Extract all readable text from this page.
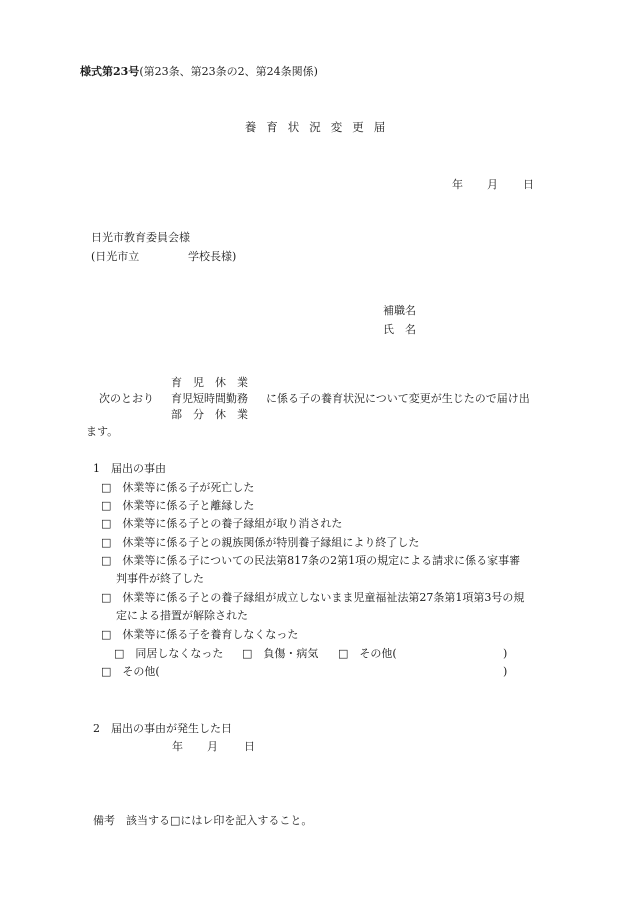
様式第23号(第23条、第23条の2、第24条関係)
養育状況変更届
年 月 日
日光市教育委員会様
(日光市立	学校長様)
補職名
氏　名
育　児　休　業
次のとおり 育児短時間勤務 に係る子の養育状況について変更が生じたので届け出
部　分　休　業
ます。
1　届出の事由
□　休業等に係る子が死亡した
□　休業等に係る子と離縁した
□　休業等に係る子との養子縁組が取り消された
□　休業等に係る子との親族関係が特別養子縁組により終了した
□　休業等に係る子についての民法第817条の2第1項の規定による請求に係る家事審
判事件が終了した
□　休業等に係る子との養子縁組が成立しないまま児童福祉法第27条第1項第3号の規
定による措置が解除された
□　休業等に係る子を養育しなくなった
□　同居しなくなった □　負傷・病気 □　その他(	)
□　その他(	)
2　届出の事由が発生した日
年 月 日
備考　該当する□にはレ印を記入すること。
